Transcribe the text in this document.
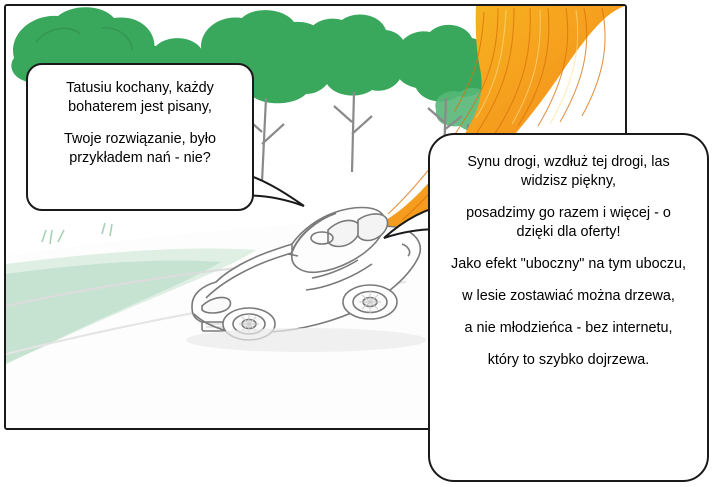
Tatusiu kochany, każdy bohaterem jest pisany,

Twoje rozwiązanie, było przykładem nań - nie?	Synu drogi, wzdłuż tej drogi, las widzisz piękny,

posadzimy go razem i więcej - o dzięki dla oferty!

Jako efekt "uboczny" na tym uboczu,

w lesie zostawiać można drzewa,

a nie młodzieńca - bez internetu,

który to szybko dojrzewa.
